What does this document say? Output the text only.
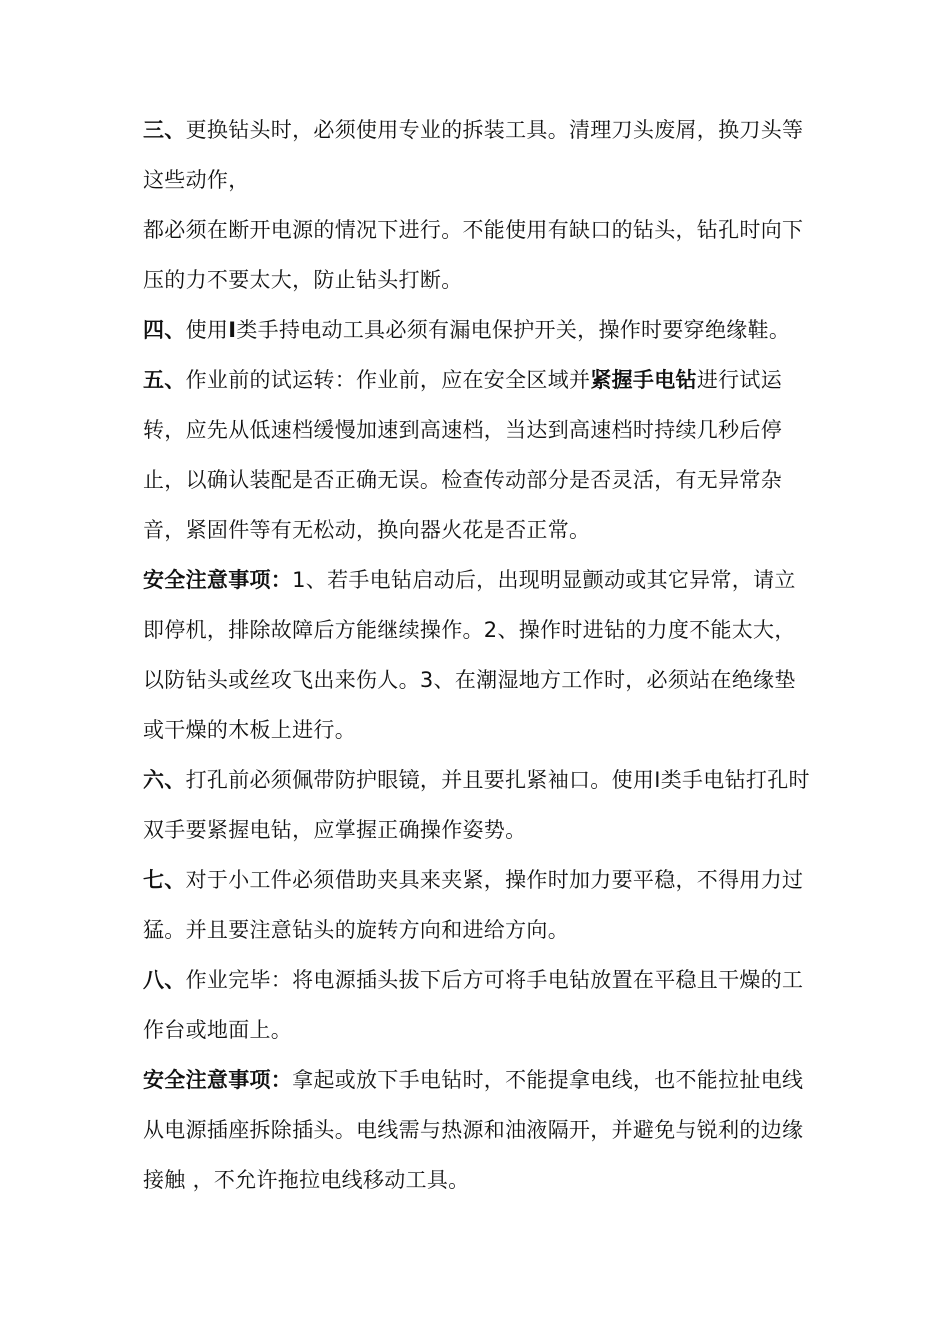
三、更换钻头时，必须使用专业的拆装工具。清理刀头废屑，换刀头等这些动作，

都必须在断开电源的情况下进行。不能使用有缺口的钻头，钻孔时向下压的力不要太大，防止钻头打断。

四、使用I类手持电动工具必须有漏电保护开关，操作时要穿绝缘鞋。

五、作业前的试运转：作业前，应在安全区域并紧握手电钻进行试运转，应先从低速档缓慢加速到高速档，当达到高速档时持续几秒后停止，以确认装配是否正确无误。检查传动部分是否灵活，有无异常杂音，紧固件等有无松动，换向器火花是否正常。

安全注意事项：1、若手电钻启动后，出现明显颤动或其它异常，请立即停机，排除故障后方能继续操作。2、操作时进钻的力度不能太大，以防钻头或丝攻飞出来伤人。3、在潮湿地方工作时，必须站在绝缘垫或干燥的木板上进行。

六、打孔前必须佩带防护眼镜，并且要扎紧袖口。使用I类手电钻打孔时双手要紧握电钻，应掌握正确操作姿势。

七、对于小工件必须借助夹具来夹紧，操作时加力要平稳，不得用力过猛。并且要注意钻头的旋转方向和进给方向。

八、作业完毕：将电源插头拔下后方可将手电钻放置在平稳且干燥的工作台或地面上。

安全注意事项：拿起或放下手电钻时，不能提拿电线，也不能拉扯电线从电源插座拆除插头。电线需与热源和油液隔开，并避免与锐利的边缘接触 ，不允许拖拉电线移动工具。
